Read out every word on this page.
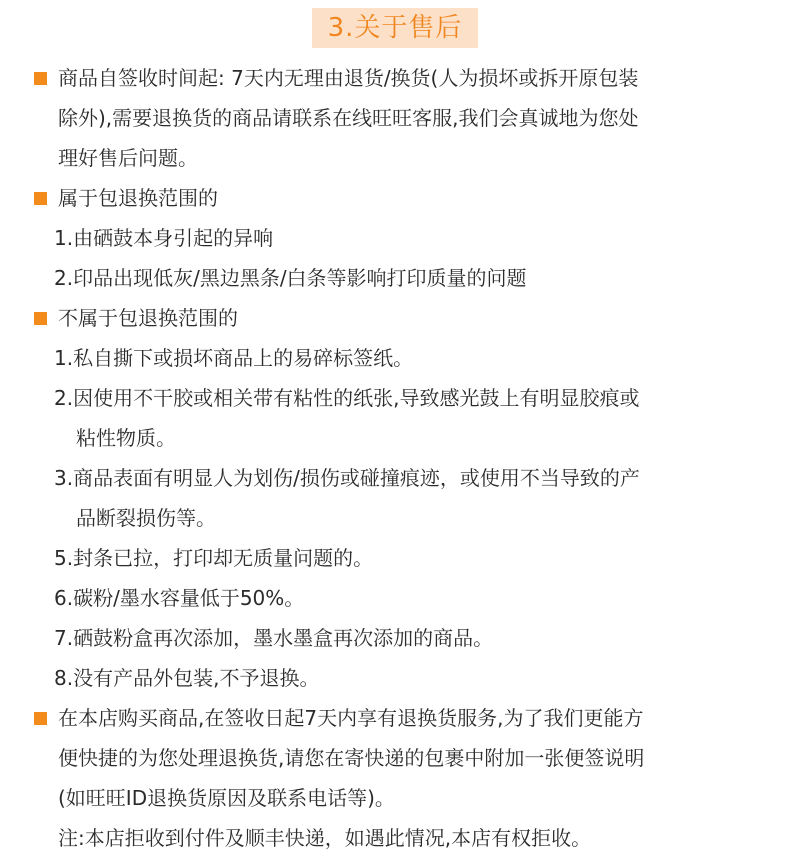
3.关于售后
商品自签收时间起: 7天内无理由退货/换货(人为损坏或拆开原包装
除外),需要退换货的商品请联系在线旺旺客服,我们会真诚地为您处
理好售后问题。
属于包退换范围的
1.由硒鼓本身引起的异响
2.印品出现低灰/黑边黑条/白条等影响打印质量的问题
不属于包退换范围的
1.私自撕下或损坏商品上的易碎标签纸。
2.因使用不干胶或相关带有粘性的纸张,导致感光鼓上有明显胶痕或
粘性物质。
3.商品表面有明显人为划伤/损伤或碰撞痕迹，或使用不当导致的产
品断裂损伤等。
5.封条已拉，打印却无质量问题的。
6.碳粉/墨水容量低于50%。
7.硒鼓粉盒再次添加，墨水墨盒再次添加的商品。
8.没有产品外包装,不予退换。
在本店购买商品,在签收日起7天内享有退换货服务,为了我们更能方
便快捷的为您处理退换货,请您在寄快递的包裹中附加一张便签说明
(如旺旺ID退换货原因及联系电话等)。
注:本店拒收到付件及顺丰快递，如遇此情况,本店有权拒收。
